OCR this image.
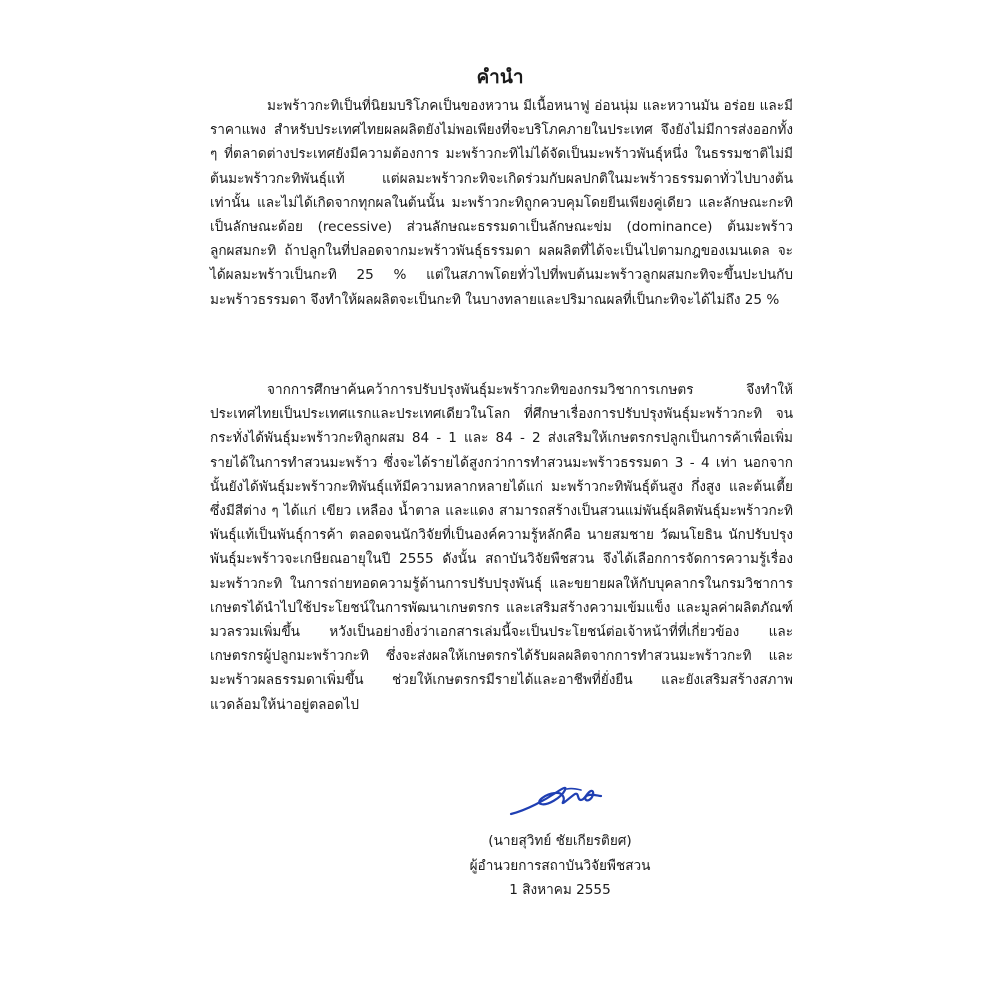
คำนำ

มะพร้าวกะทิเป็นที่นิยมบริโภคเป็นของหวาน มีเนื้อหนาฟู อ่อนนุ่ม และหวานมัน อร่อย และมีราคาแพง สำหรับประเทศไทยผลผลิตยังไม่พอเพียงที่จะบริโภคภายในประเทศ จึงยังไม่มีการส่งออกทั้ง ๆ ที่ตลาดต่างประเทศยังมีความต้องการ มะพร้าวกะทิไม่ได้จัดเป็นมะพร้าวพันธุ์หนึ่ง ในธรรมชาติไม่มีต้นมะพร้าวกะทิพันธุ์แท้ แต่ผลมะพร้าวกะทิจะเกิดร่วมกับผลปกติในมะพร้าวธรรมดาทั่วไปบางต้นเท่านั้น และไม่ได้เกิดจากทุกผลในต้นนั้น มะพร้าวกะทิถูกควบคุมโดยยีนเพียงคู่เดียว และลักษณะกะทิเป็นลักษณะด้อย (recessive) ส่วนลักษณะธรรมดาเป็นลักษณะข่ม (dominance) ต้นมะพร้าวลูกผสมกะทิ ถ้าปลูกในที่ปลอดจากมะพร้าวพันธุ์ธรรมดา ผลผลิตที่ได้จะเป็นไปตามกฎของเมนเดล จะได้ผลมะพร้าวเป็นกะทิ 25 % แต่ในสภาพโดยทั่วไปที่พบต้นมะพร้าวลูกผสมกะทิจะขึ้นปะปนกับมะพร้าวธรรมดา จึงทำให้ผลผลิตจะเป็นกะทิ ในบางทลายและปริมาณผลที่เป็นกะทิจะได้ไม่ถึง 25 %

จากการศึกษาค้นคว้าการปรับปรุงพันธุ์มะพร้าวกะทิของกรมวิชาการเกษตร จึงทำให้ประเทศไทยเป็นประเทศแรกและประเทศเดียวในโลก ที่ศึกษาเรื่องการปรับปรุงพันธุ์มะพร้าวกะทิ จนกระทั่งได้พันธุ์มะพร้าวกะทิลูกผสม 84 - 1 และ 84 - 2 ส่งเสริมให้เกษตรกรปลูกเป็นการค้าเพื่อเพิ่มรายได้ในการทำสวนมะพร้าว ซึ่งจะได้รายได้สูงกว่าการทำสวนมะพร้าวธรรมดา 3 - 4 เท่า นอกจากนั้นยังได้พันธุ์มะพร้าวกะทิพันธุ์แท้มีความหลากหลายได้แก่ มะพร้าวกะทิพันธุ์ต้นสูง กึ่งสูง และต้นเตี้ย ซึ่งมีสีต่าง ๆ ได้แก่ เขียว เหลือง น้ำตาล และแดง สามารถสร้างเป็นสวนแม่พันธุ์ผลิตพันธุ์มะพร้าวกะทิพันธุ์แท้เป็นพันธุ์การค้า ตลอดจนนักวิจัยที่เป็นองค์ความรู้หลักคือ นายสมชาย วัฒนโยธิน นักปรับปรุงพันธุ์มะพร้าวจะเกษียณอายุในปี 2555 ดังนั้น สถาบันวิจัยพืชสวน จึงได้เลือกการจัดการความรู้เรื่อง มะพร้าวกะทิ ในการถ่ายทอดความรู้ด้านการปรับปรุงพันธุ์ และขยายผลให้กับบุคลากรในกรมวิชาการเกษตรได้นำไปใช้ประโยชน์ในการพัฒนาเกษตรกร และเสริมสร้างความเข้มแข็ง และมูลค่าผลิตภัณฑ์มวลรวมเพิ่มขึ้น หวังเป็นอย่างยิ่งว่าเอกสารเล่มนี้จะเป็นประโยชน์ต่อเจ้าหน้าที่ที่เกี่ยวข้อง และเกษตรกรผู้ปลูกมะพร้าวกะทิ ซึ่งจะส่งผลให้เกษตรกรได้รับผลผลิตจากการทำสวนมะพร้าวกะทิ และมะพร้าวผลธรรมดาเพิ่มขึ้น ช่วยให้เกษตรกรมีรายได้และอาชีพที่ยั่งยืน และยังเสริมสร้างสภาพแวดล้อมให้น่าอยู่ตลอดไป

(นายสุวิทย์ ชัยเกียรติยศ)
ผู้อำนวยการสถาบันวิจัยพืชสวน
1 สิงหาคม 2555
